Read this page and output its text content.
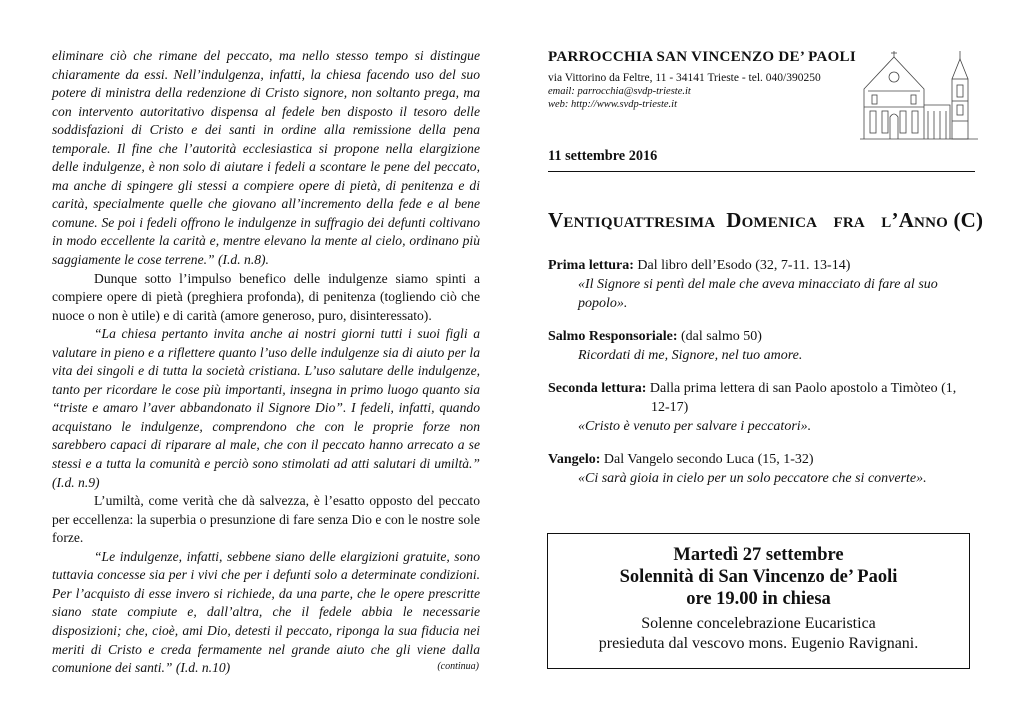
eliminare ciò che rimane del peccato, ma nello stesso tempo si distingue chiaramente da essi. Nell’indulgenza, infatti, la chiesa facendo uso del suo potere di ministra della redenzione di Cristo signore, non soltanto prega, ma con intervento autoritativo dispensa al fedele ben disposto il tesoro delle soddisfazioni di Cristo e dei santi in ordine alla remissione della pena temporale. Il fine che l’autorità ecclesiastica si propone nella elargizione delle indulgenze, è non solo di aiutare i fedeli a scontare le pene del peccato, ma anche di spingere gli stessi a compiere opere di pietà, di penitenza e di carità, specialmente quelle che giovano all’incremento della fede e al bene comune. Se poi i fedeli offrono le indulgenze in suffragio dei defunti coltivano in modo eccellente la carità e, mentre elevano la mente al cielo, ordinano più saggiamente le cose terrene.” (I.d. n.8).

Dunque sotto l’impulso benefico delle indulgenze siamo spinti a compiere opere di pietà (preghiera profonda), di penitenza (togliendo ciò che nuoce o non è utile) e di carità (amore generoso, puro, disinteressato).

“La chiesa pertanto invita anche ai nostri giorni tutti i suoi figli a valutare in pieno e a riflettere quanto l’uso delle indulgenze sia di aiuto per la vita dei singoli e di tutta la società cristiana. L’uso salutare delle indulgenze, tanto per ricordare le cose più importanti, insegna in primo luogo quanto sia “triste e amaro l’aver abbandonato il Signore Dio”. I fedeli, infatti, quando acquistano le indulgenze, comprendono che con le proprie forze non sarebbero capaci di riparare al male, che con il peccato hanno arrecato a se stessi e a tutta la comunità e perciò sono stimolati ad atti salutari di umiltà.” (I.d. n.9)

L’umiltà, come verità che dà salvezza, è l’esatto opposto del peccato per eccellenza: la superbia o presunzione di fare senza Dio e con le nostre sole forze.

“Le indulgenze, infatti, sebbene siano delle elargizioni gratuite, sono tuttavia concesse sia per i vivi che per i defunti solo a determinate condizioni. Per l’acquisto di esse invero si richiede, da una parte, che le opere prescritte siano state compiute e, dall’altra, che il fedele abbia le necessarie disposizioni; che, cioè, ami Dio, detesti il peccato, riponga la sua fiducia nei meriti di Cristo e creda fermamente nel grande aiuto che gli viene dalla comunione dei santi.” (I.d. n.10)	(continua)
PARROCCHIA SAN VINCENZO DE’ PAOLI
via Vittorino da Feltre, 11 - 34141 Trieste - tel. 040/390250
email: parrocchia@svdp-trieste.it
web: http://www.svdp-trieste.it
11 settembre 2016
Ventiquattresima Domenica fra l’Anno (C)
Prima lettura: Dal libro dell’Esodo (32, 7-11. 13-14)
«Il Signore si pentì del male che aveva minacciato di fare al suo popolo».
Salmo Responsoriale: (dal salmo 50)
Ricordati di me, Signore, nel tuo amore.
Seconda lettura: Dalla prima lettera di san Paolo apostolo a Timòteo (1,
12-17)
«Cristo è venuto per salvare i peccatori».
Vangelo: Dal Vangelo secondo Luca (15, 1-32)
«Ci sarà gioia in cielo per un solo peccatore che si converte».
Martedì 27 settembre
Solennità di San Vincenzo de’ Paoli
ore 19.00 in chiesa
Solenne concelebrazione Eucaristica
presieduta dal vescovo mons. Eugenio Ravignani.
